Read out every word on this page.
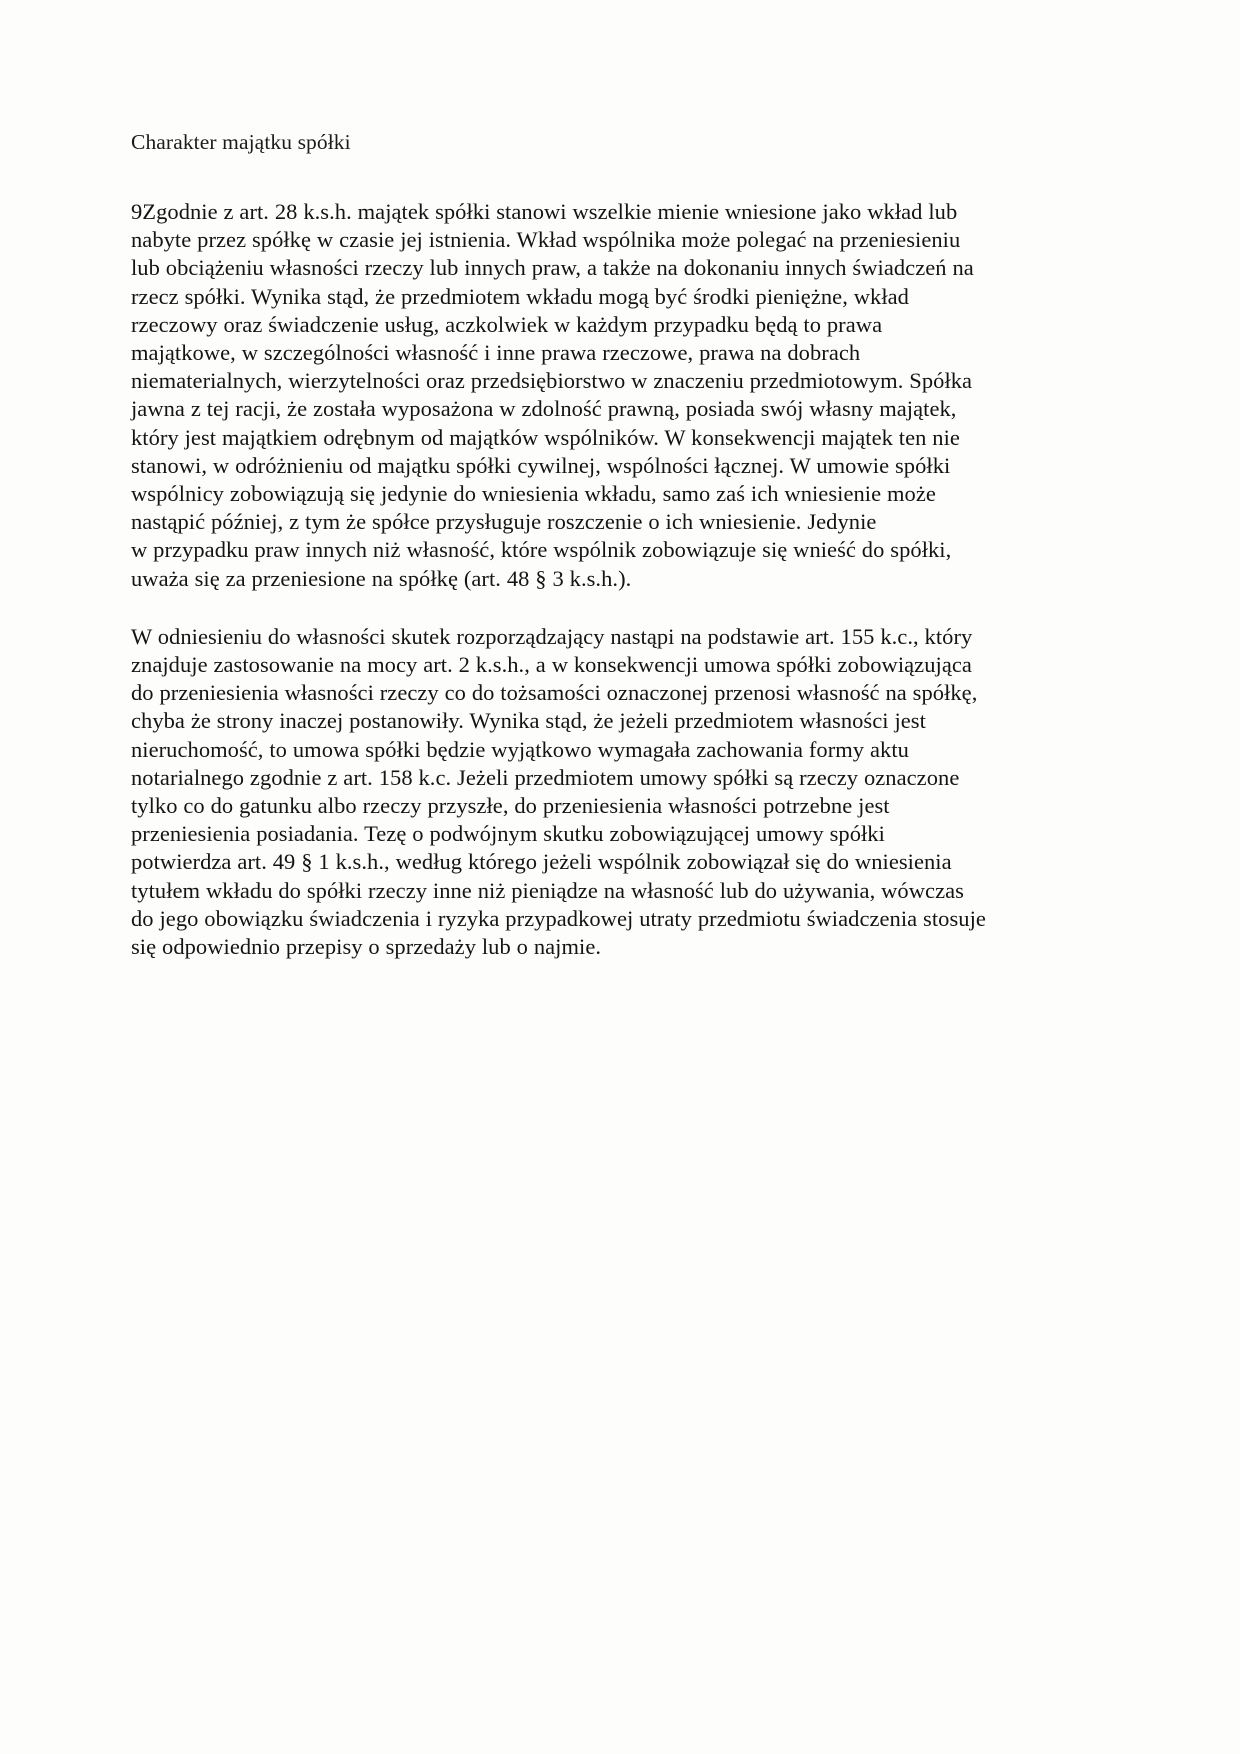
Charakter majątku spółki

9Zgodnie z art. 28 k.s.h. majątek spółki stanowi wszelkie mienie wniesione jako wkład lub
nabyte przez spółkę w czasie jej istnienia. Wkład wspólnika może polegać na przeniesieniu
lub obciążeniu własności rzeczy lub innych praw, a także na dokonaniu innych świadczeń na
rzecz spółki. Wynika stąd, że przedmiotem wkładu mogą być środki pieniężne, wkład
rzeczowy oraz świadczenie usług, aczkolwiek w każdym przypadku będą to prawa
majątkowe, w szczególności własność i inne prawa rzeczowe, prawa na dobrach
niematerialnych, wierzytelności oraz przedsiębiorstwo w znaczeniu przedmiotowym. Spółka
jawna z tej racji, że została wyposażona w zdolność prawną, posiada swój własny majątek,
który jest majątkiem odrębnym od majątków wspólników. W konsekwencji majątek ten nie
stanowi, w odróżnieniu od majątku spółki cywilnej, wspólności łącznej. W umowie spółki
wspólnicy zobowiązują się jedynie do wniesienia wkładu, samo zaś ich wniesienie może
nastąpić później, z tym że spółce przysługuje roszczenie o ich wniesienie. Jedynie
w przypadku praw innych niż własność, które wspólnik zobowiązuje się wnieść do spółki,
uważa się za przeniesione na spółkę (art. 48 § 3 k.s.h.).

W odniesieniu do własności skutek rozporządzający nastąpi na podstawie art. 155 k.c., który
znajduje zastosowanie na mocy art. 2 k.s.h., a w konsekwencji umowa spółki zobowiązująca
do przeniesienia własności rzeczy co do tożsamości oznaczonej przenosi własność na spółkę,
chyba że strony inaczej postanowiły. Wynika stąd, że jeżeli przedmiotem własności jest
nieruchomość, to umowa spółki będzie wyjątkowo wymagała zachowania formy aktu
notarialnego zgodnie z art. 158 k.c. Jeżeli przedmiotem umowy spółki są rzeczy oznaczone
tylko co do gatunku albo rzeczy przyszłe, do przeniesienia własności potrzebne jest
przeniesienia posiadania. Tezę o podwójnym skutku zobowiązującej umowy spółki
potwierdza art. 49 § 1 k.s.h., według którego jeżeli wspólnik zobowiązał się do wniesienia
tytułem wkładu do spółki rzeczy inne niż pieniądze na własność lub do używania, wówczas
do jego obowiązku świadczenia i ryzyka przypadkowej utraty przedmiotu świadczenia stosuje
się odpowiednio przepisy o sprzedaży lub o najmie.
